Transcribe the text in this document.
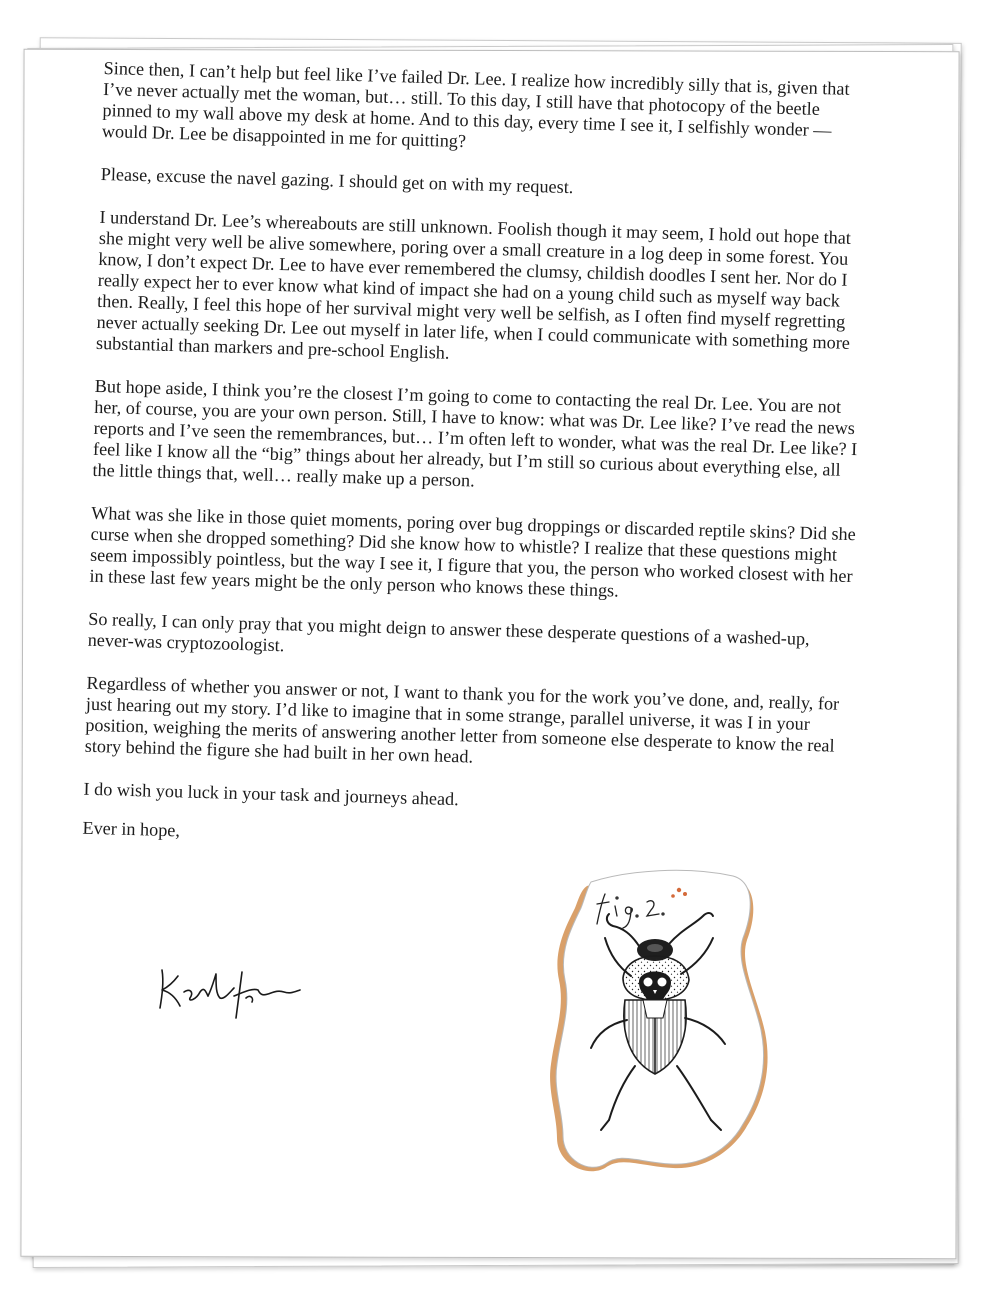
Since then, I can’t help but feel like I’ve failed Dr. Lee. I realize how incredibly silly that is, given that I’ve never actually met the woman, but… still. To this day, I still have that photocopy of the beetle pinned to my wall above my desk at home. And to this day, every time I see it, I selfishly wonder — would Dr. Lee be disappointed in me for quitting?

Please, excuse the navel gazing. I should get on with my request.

I understand Dr. Lee’s whereabouts are still unknown. Foolish though it may seem, I hold out hope that she might very well be alive somewhere, poring over a small creature in a log deep in some forest. You know, I don’t expect Dr. Lee to have ever remembered the clumsy, childish doodles I sent her. Nor do I really expect her to ever know what kind of impact she had on a young child such as myself way back then. Really, I feel this hope of her survival might very well be selfish, as I often find myself regretting never actually seeking Dr. Lee out myself in later life, when I could communicate with something more substantial than markers and pre-school English.

But hope aside, I think you’re the closest I’m going to come to contacting the real Dr. Lee. You are not her, of course, you are your own person. Still, I have to know: what was Dr. Lee like? I’ve read the news reports and I’ve seen the remembrances, but… I’m often left to wonder, what was the real Dr. Lee like? I feel like I know all the “big” things about her already, but I’m still so curious about everything else, all the little things that, well… really make up a person.

What was she like in those quiet moments, poring over bug droppings or discarded reptile skins? Did she curse when she dropped something? Did she know how to whistle? I realize that these questions might seem impossibly pointless, but the way I see it, I figure that you, the person who worked closest with her in these last few years might be the only person who knows these things.

So really, I can only pray that you might deign to answer these desperate questions of a washed-up, never-was cryptozoologist.

Regardless of whether you answer or not, I want to thank you for the work you’ve done, and, really, for just hearing out my story. I’d like to imagine that in some strange, parallel universe, it was I in your position, weighing the merits of answering another letter from someone else desperate to know the real story behind the figure she had built in her own head.

I do wish you luck in your task and journeys ahead.

Ever in hope,
